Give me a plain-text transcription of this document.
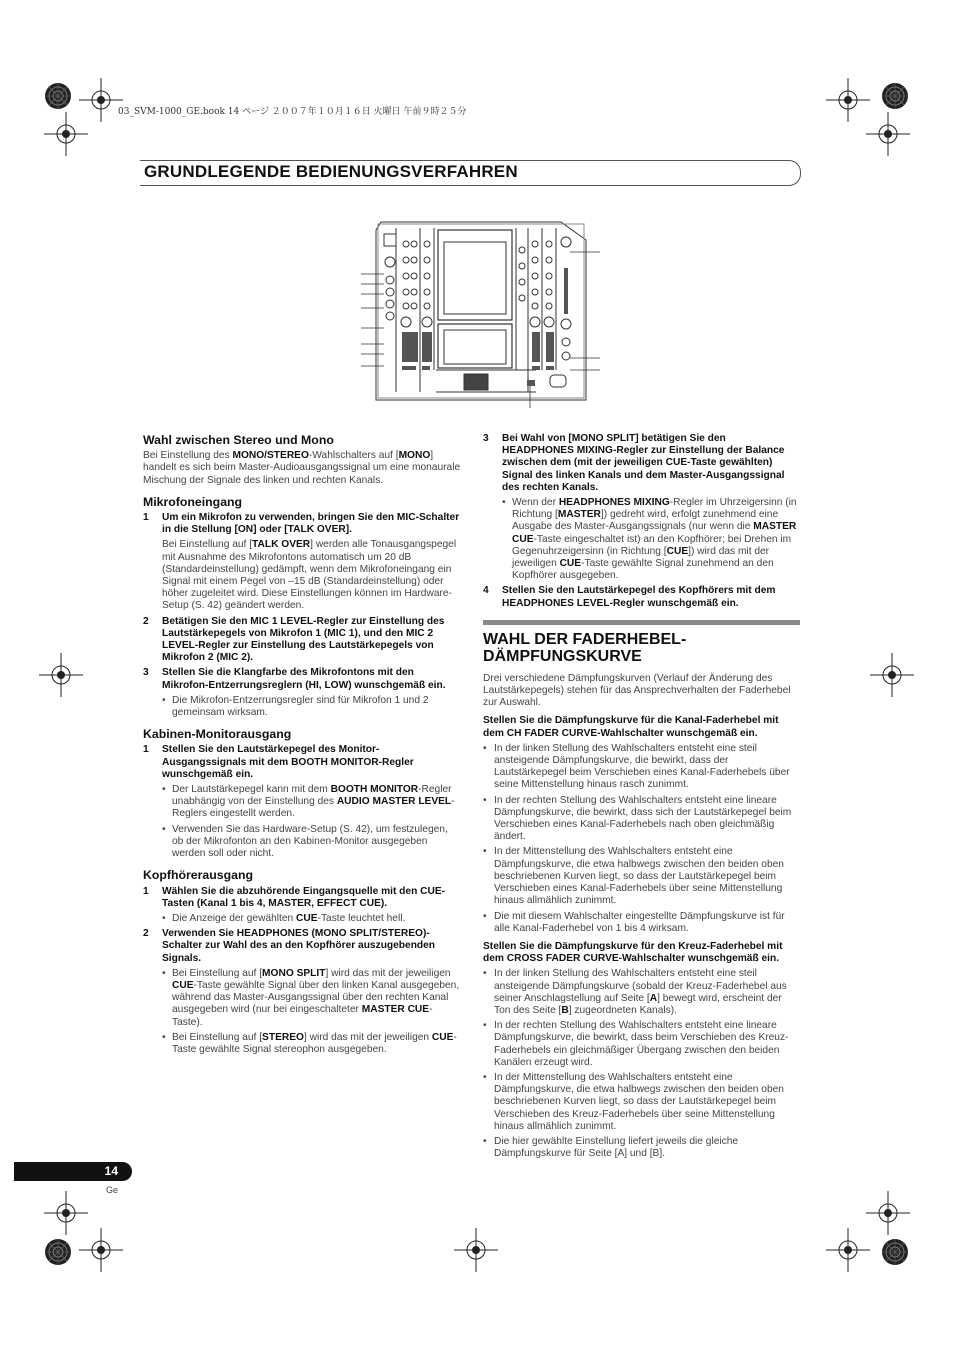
03_SVM-1000_GE.book 14 ページ ２００７年１０月１６日 火曜日 午前９時２５分
GRUNDLEGENDE BEDIENUNGSVERFAHREN

Wahl zwischen Stereo und Mono

Bei Einstellung des MONO/STEREO-Wahlschalters auf [MONO] handelt es sich beim Master-Audioausgangssignal um eine monaurale Mischung der Signale des linken und rechten Kanals.

Mikrofoneingang

1 Um ein Mikrofon zu verwenden, bringen Sie den MIC-Schalter in die Stellung [ON] oder [TALK OVER].

Bei Einstellung auf [TALK OVER] werden alle Tonausgangspegel mit Ausnahme des Mikrofontons automatisch um 20 dB (Standardeinstellung) gedämpft, wenn dem Mikrofoneingang ein Signal mit einem Pegel von –15 dB (Standardeinstellung) oder höher zugeleitet wird. Diese Einstellungen können im Hardware-Setup (S. 42) geändert werden.

2 Betätigen Sie den MIC 1 LEVEL-Regler zur Einstellung des Lautstärkepegels von Mikrofon 1 (MIC 1), und den MIC 2 LEVEL-Regler zur Einstellung des Lautstärkepegels von Mikrofon 2 (MIC 2).

3 Stellen Sie die Klangfarbe des Mikrofontons mit den Mikrofon-Entzerrungsreglern (HI, LOW) wunschgemäß ein.

• Die Mikrofon-Entzerrungsregler sind für Mikrofon 1 und 2 gemeinsam wirksam.

Kabinen-Monitorausgang

1 Stellen Sie den Lautstärkepegel des Monitor-Ausgangssignals mit dem BOOTH MONITOR-Regler wunschgemäß ein.

• Der Lautstärkepegel kann mit dem BOOTH MONITOR-Regler unabhängig von der Einstellung des AUDIO MASTER LEVEL-Reglers eingestellt werden.

• Verwenden Sie das Hardware-Setup (S. 42), um festzulegen, ob der Mikrofonton an den Kabinen-Monitor ausgegeben werden soll oder nicht.

Kopfhörerausgang

1 Wählen Sie die abzuhörende Eingangsquelle mit den CUE-Tasten (Kanal 1 bis 4, MASTER, EFFECT CUE).

• Die Anzeige der gewählten CUE-Taste leuchtet hell.

2 Verwenden Sie HEADPHONES (MONO SPLIT/STEREO)-Schalter zur Wahl des an den Kopfhörer auszugebenden Signals.

• Bei Einstellung auf [MONO SPLIT] wird das mit der jeweiligen CUE-Taste gewählte Signal über den linken Kanal ausgegeben, während das Master-Ausgangssignal über den rechten Kanal ausgegeben wird (nur bei eingeschalteter MASTER CUE-Taste).

• Bei Einstellung auf [STEREO] wird das mit der jeweiligen CUE-Taste gewählte Signal stereophon ausgegeben.

3 Bei Wahl von [MONO SPLIT] betätigen Sie den HEADPHONES MIXING-Regler zur Einstellung der Balance zwischen dem (mit der jeweiligen CUE-Taste gewählten) Signal des linken Kanals und dem Master-Ausgangssignal des rechten Kanals.

• Wenn der HEADPHONES MIXING-Regler im Uhrzeigersinn (in Richtung [MASTER]) gedreht wird, erfolgt zunehmend eine Ausgabe des Master-Ausgangssignals (nur wenn die MASTER CUE-Taste eingeschaltet ist) an den Kopfhörer; bei Drehen im Gegenuhrzeigersinn (in Richtung [CUE]) wird das mit der jeweiligen CUE-Taste gewählte Signal zunehmend an den Kopfhörer ausgegeben.

4 Stellen Sie den Lautstärkepegel des Kopfhörers mit dem HEADPHONES LEVEL-Regler wunschgemäß ein.

WAHL DER FADERHEBEL-DÄMPFUNGSKURVE

Drei verschiedene Dämpfungskurven (Verlauf der Änderung des Lautstärkepegels) stehen für das Ansprechverhalten der Faderhebel zur Auswahl.

Stellen Sie die Dämpfungskurve für die Kanal-Faderhebel mit dem CH FADER CURVE-Wahlschalter wunschgemäß ein.

• In der linken Stellung des Wahlschalters entsteht eine steil ansteigende Dämpfungskurve, die bewirkt, dass der Lautstärkepegel beim Verschieben eines Kanal-Faderhebels über seine Mittenstellung hinaus rasch zunimmt.

• In der rechten Stellung des Wahlschalters entsteht eine lineare Dämpfungskurve, die bewirkt, dass sich der Lautstärkepegel beim Verschieben eines Kanal-Faderhebels nach oben gleichmäßig ändert.

• In der Mittenstellung des Wahlschalters entsteht eine Dämpfungskurve, die etwa halbwegs zwischen den beiden oben beschriebenen Kurven liegt, so dass der Lautstärkepegel beim Verschieben eines Kanal-Faderhebels über seine Mittenstellung hinaus allmählich zunimmt.

• Die mit diesem Wahlschalter eingestellte Dämpfungskurve ist für alle Kanal-Faderhebel von 1 bis 4 wirksam.

Stellen Sie die Dämpfungskurve für den Kreuz-Faderhebel mit dem CROSS FADER CURVE-Wahlschalter wunschgemäß ein.

• In der linken Stellung des Wahlschalters entsteht eine steil ansteigende Dämpfungskurve (sobald der Kreuz-Faderhebel aus seiner Anschlagstellung auf Seite [A] bewegt wird, erscheint der Ton des Seite [B] zugeordneten Kanals).

• In der rechten Stellung des Wahlschalters entsteht eine lineare Dämpfungskurve, die bewirkt, dass beim Verschieben des Kreuz-Faderhebels ein gleichmäßiger Übergang zwischen den beiden Kanälen erzeugt wird.

• In der Mittenstellung des Wahlschalters entsteht eine Dämpfungskurve, die etwa halbwegs zwischen den beiden oben beschriebenen Kurven liegt, so dass der Lautstärkepegel beim Verschieben des Kreuz-Faderhebels über seine Mittenstellung hinaus allmählich zunimmt.

• Die hier gewählte Einstellung liefert jeweils die gleiche Dämpfungskurve für Seite [A] und [B].

14
Ge
